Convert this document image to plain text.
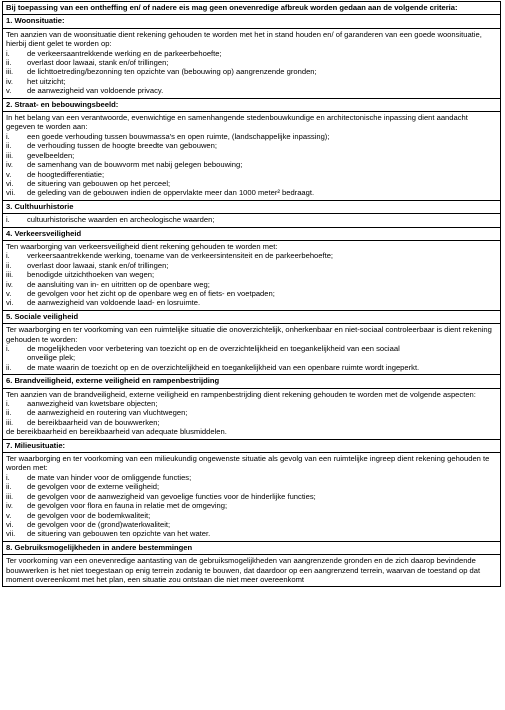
Bij toepassing van een ontheffing en/ of nadere eis mag geen onevenredige afbreuk worden gedaan aan de volgende criteria:
1. Woonsituatie:

Ten aanzien van de woonsituatie dient rekening gehouden te worden met het in stand houden en/ of garanderen van een goede woonsituatie, hierbij dient gelet te worden op:
i.	de verkeersaantrekkende werking en de parkeerbehoefte;
ii.	overlast door lawaai, stank en/of trillingen;
iii.	de lichttoetreding/bezonning ten opzichte van (bebouwing op) aangrenzende gronden;
iv.	het uitzicht;
v.	de aanwezigheid van voldoende privacy.

2. Straat- en bebouwingsbeeld:

In het belang van een verantwoorde, evenwichtige en samenhangende stedenbouwkundige en architectonische inpassing dient aandacht gegeven te worden aan:
i.	een goede verhouding tussen bouwmassa's en open ruimte, (landschappelijke inpassing);
ii.	de verhouding tussen de hoogte breedte van gebouwen;
iii.	gevelbeelden;
iv.	de samenhang van de bouwvorm met nabij gelegen bebouwing;
v.	de hoogtedifferentiatie;
vi.	de situering van gebouwen op het perceel;
vii.	de geleding van de gebouwen indien de oppervlakte meer dan 1000 meter² bedraagt.

3. Culthuurhistorie

i.	cultuurhistorische waarden en archeologische waarden;

4. Verkeersveiligheid

Ten waarborging van verkeersveiligheid dient rekening gehouden te worden met:
i.	verkeersaantrekkende werking, toename van de verkeersintensiteit en de parkeerbehoefte;
ii.	overlast door lawaai, stank en/of trillingen;
iii.	benodigde uitzichthoeken van wegen;
iv.	de aansluiting van in- en uitritten op de openbare weg;
v.	de gevolgen voor het zicht op de openbare weg en of fiets- en voetpaden;
vi.	de aanwezigheid van voldoende laad- en losruimte.

5. Sociale veiligheid

Ter waarborging en ter voorkoming van een ruimtelijke situatie die onoverzichtelijk, onherkenbaar en niet-sociaal controleerbaar is dient rekening gehouden te worden:
i.	de mogelijkheden voor verbetering van toezicht op en de overzichtelijkheid en toegankelijkheid van een sociaal
onveilige plek;
ii.	de mate waarin de toezicht op en de overzichtelijkheid en toegankelijkheid van een openbare ruimte wordt ingeperkt.

6. Brandveiligheid, externe veiligheid en rampenbestrijding

Ten aanzien van de brandveiligheid, externe veiligheid en rampenbestrijding dient rekening gehouden te worden met de volgende aspecten:
i.	aanwezigheid van kwetsbare objecten;
ii.	de aanwezigheid en routering van vluchtwegen;
iii.	de bereikbaarheid van de bouwwerken;
de bereikbaarheid en bereikbaarheid van adequate blusmiddelen.

7. Milieusituatie:

Ter waarborging en ter voorkoming van een milieukundig ongewenste situatie als gevolg van een ruimtelijke ingreep dient rekening gehouden te worden met:
i.	de mate van hinder voor de omliggende functies;
ii.	de gevolgen voor de externe veiligheid;
iii.	de gevolgen voor de aanwezigheid van gevoelige functies voor de hinderlijke functies;
iv.	de gevolgen voor flora en fauna in relatie met de omgeving;
v.	de gevolgen voor de bodemkwaliteit;
vi.	de gevolgen voor de (grond)waterkwaliteit;
vii.	de situering van gebouwen ten opzichte van het water.

8. Gebruiksmogelijkheden in andere bestemmingen

Ter voorkoming van een onevenredige aantasting van de gebruiksmogelijkheden van aangrenzende gronden en de zich daarop bevindende bouwwerken is het niet toegestaan op enig terrein zodanig te bouwen, dat daardoor op een aangrenzend terrein, waarvan de toestand op dat moment overeenkomt met het plan, een situatie zou ontstaan die niet meer overeenkomt
